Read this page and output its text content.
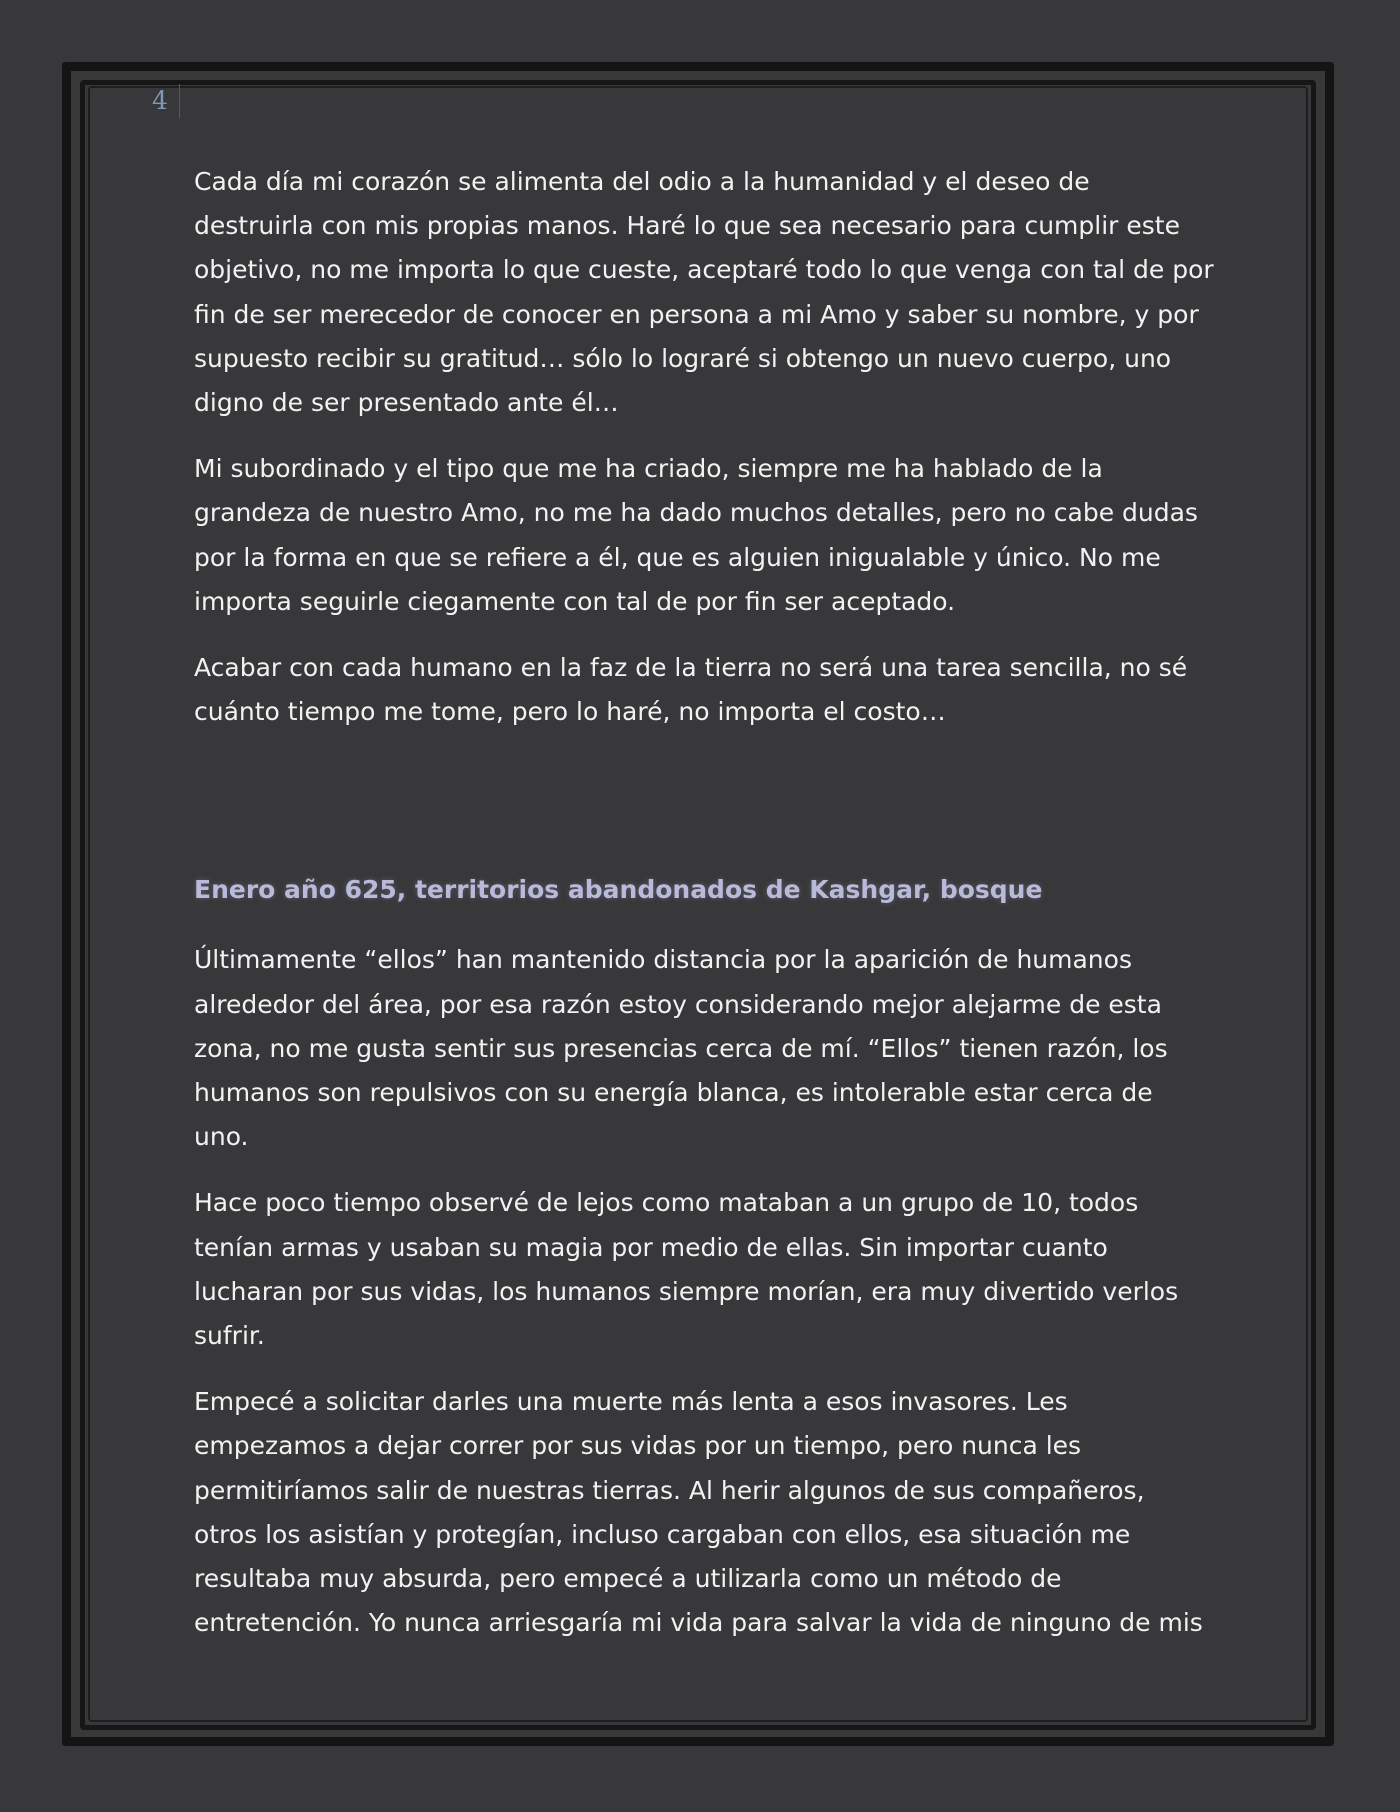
4

Cada día mi corazón se alimenta del odio a la humanidad y el deseo de destruirla con mis propias manos. Haré lo que sea necesario para cumplir este objetivo, no me importa lo que cueste, aceptaré todo lo que venga con tal de por fin de ser merecedor de conocer en persona a mi Amo y saber su nombre, y por supuesto recibir su gratitud… sólo lo lograré si obtengo un nuevo cuerpo, uno digno de ser presentado ante él…

Mi subordinado y el tipo que me ha criado, siempre me ha hablado de la grandeza de nuestro Amo, no me ha dado muchos detalles, pero no cabe dudas por la forma en que se refiere a él, que es alguien inigualable y único. No me importa seguirle ciegamente con tal de por fin ser aceptado.

Acabar con cada humano en la faz de la tierra no será una tarea sencilla, no sé cuánto tiempo me tome, pero lo haré, no importa el costo…

Enero año 625, territorios abandonados de Kashgar, bosque

Últimamente “ellos” han mantenido distancia por la aparición de humanos alrededor del área, por esa razón estoy considerando mejor alejarme de esta zona, no me gusta sentir sus presencias cerca de mí. “Ellos” tienen razón, los humanos son repulsivos con su energía blanca, es intolerable estar cerca de uno.

Hace poco tiempo observé de lejos como mataban a un grupo de 10, todos tenían armas y usaban su magia por medio de ellas. Sin importar cuanto lucharan por sus vidas, los humanos siempre morían, era muy divertido verlos sufrir.

Empecé a solicitar darles una muerte más lenta a esos invasores. Les empezamos a dejar correr por sus vidas por un tiempo, pero nunca les permitiríamos salir de nuestras tierras. Al herir algunos de sus compañeros, otros los asistían y protegían, incluso cargaban con ellos, esa situación me resultaba muy absurda, pero empecé a utilizarla como un método de entretención. Yo nunca arriesgaría mi vida para salvar la vida de ninguno de mis
